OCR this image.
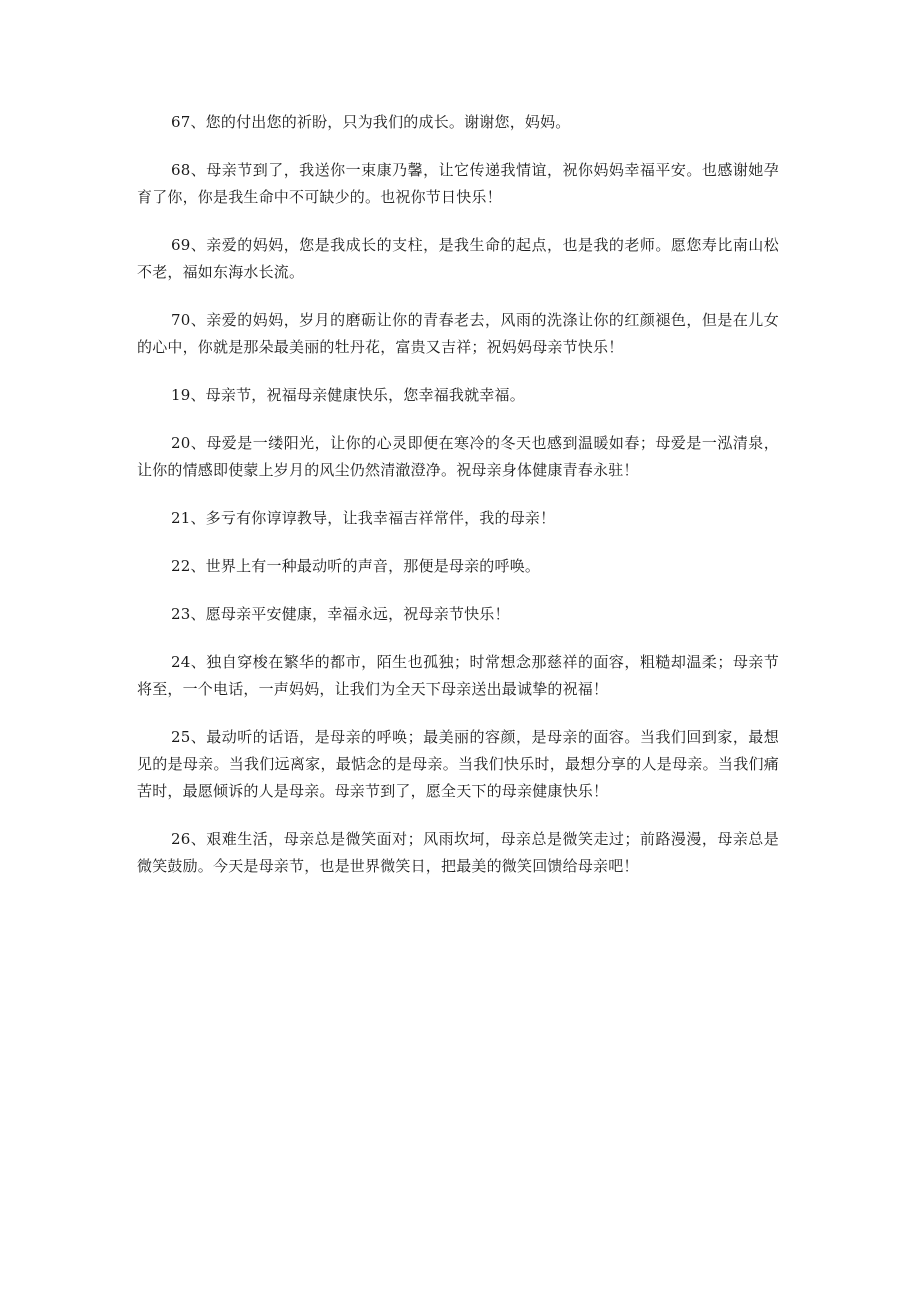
67、您的付出您的祈盼，只为我们的成长。谢谢您，妈妈。

68、母亲节到了，我送你一束康乃馨，让它传递我情谊，祝你妈妈幸福平安。也感谢她孕育了你，你是我生命中不可缺少的。也祝你节日快乐！

69、亲爱的妈妈，您是我成长的支柱，是我生命的起点，也是我的老师。愿您寿比南山松不老，福如东海水长流。

70、亲爱的妈妈，岁月的磨砺让你的青春老去，风雨的洗涤让你的红颜褪色，但是在儿女的心中，你就是那朵最美丽的牡丹花，富贵又吉祥；祝妈妈母亲节快乐！

19、母亲节，祝福母亲健康快乐，您幸福我就幸福。

20、母爱是一缕阳光，让你的心灵即便在寒冷的冬天也感到温暖如春；母爱是一泓清泉，让你的情感即使蒙上岁月的风尘仍然清澈澄净。祝母亲身体健康青春永驻！

21、多亏有你谆谆教导，让我幸福吉祥常伴，我的母亲！

22、世界上有一种最动听的声音，那便是母亲的呼唤。

23、愿母亲平安健康，幸福永远，祝母亲节快乐！

24、独自穿梭在繁华的都市，陌生也孤独；时常想念那慈祥的面容，粗糙却温柔；母亲节将至，一个电话，一声妈妈，让我们为全天下母亲送出最诚挚的祝福！

25、最动听的话语，是母亲的呼唤；最美丽的容颜，是母亲的面容。当我们回到家，最想见的是母亲。当我们远离家，最惦念的是母亲。当我们快乐时，最想分享的人是母亲。当我们痛苦时，最愿倾诉的人是母亲。母亲节到了，愿全天下的母亲健康快乐！

26、艰难生活，母亲总是微笑面对；风雨坎坷，母亲总是微笑走过；前路漫漫，母亲总是微笑鼓励。今天是母亲节，也是世界微笑日，把最美的微笑回馈给母亲吧！
